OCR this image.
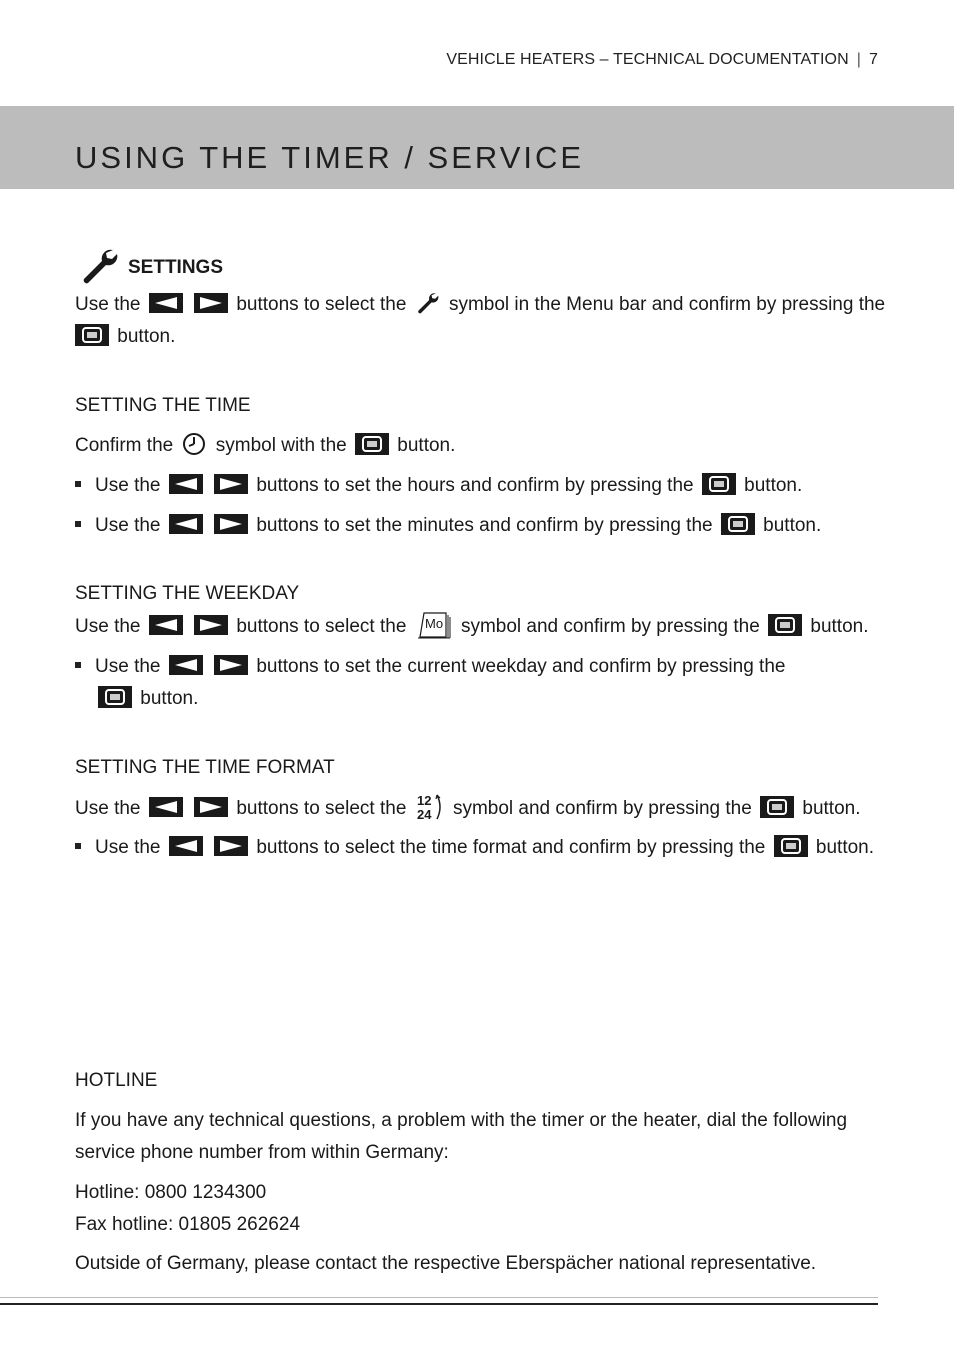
VEHICLE HEATERS – TECHNICAL DOCUMENTATION | 7
USING THE TIMER / SERVICE
SETTINGS
Use the
	buttons to select the symbol in the Menu bar and confirm by pressing the
button.
SETTING THE TIME
Confirm the symbol with the	button.
Use the
	buttons to set the hours and confirm by pressing the	button.
Use the
	buttons to set the minutes and confirm by pressing the	button.
SETTING THE WEEKDAY
Use the
	buttons to select the Mo symbol and confirm by pressing the	button.
Use the
	buttons to set the current weekday and confirm by pressing the
button.
SETTING THE TIME FORMAT
Use the
	buttons to select the 12
24 symbol and confirm by pressing the	button.
Use the
	buttons to select the time format and confirm by pressing the	button.
HOTLINE
If you have any technical questions, a problem with the timer or the heater, dial the following
service phone number from within Germany:
Hotline: 0800 1234300
Fax hotline: 01805 262624
Outside of Germany, please contact the respective Eberspächer national representative.
